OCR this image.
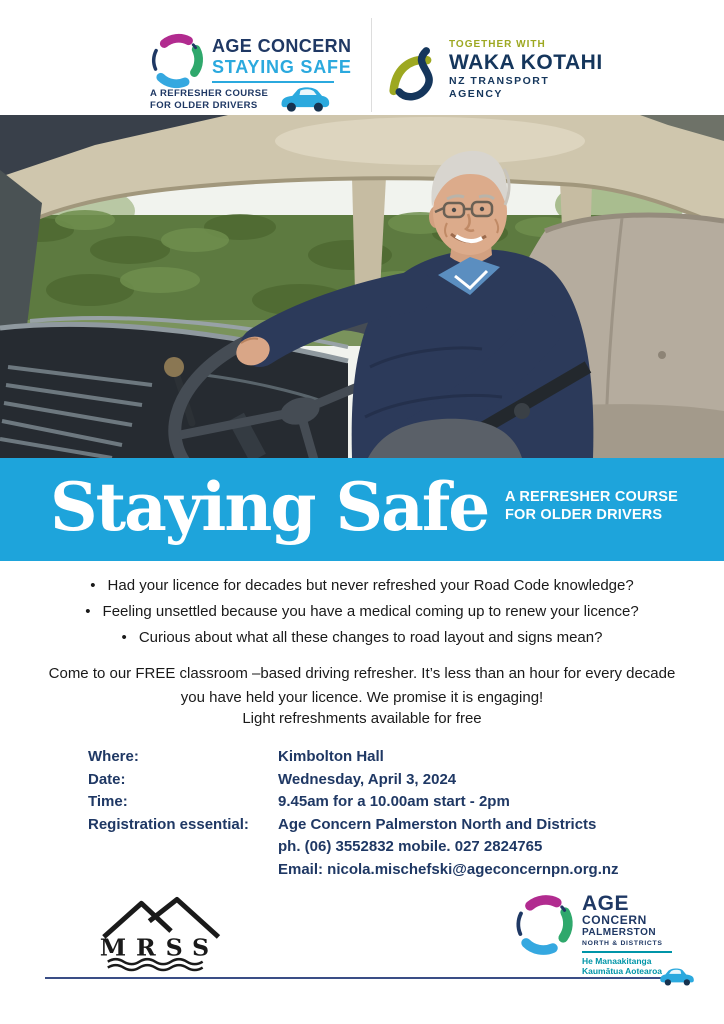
AGE CONCERN
STAYING SAFE
A REFRESHER COURSE
FOR OLDER DRIVERS
TOGETHER WITH
WAKA KOTAHI
NZ TRANSPORT
AGENCY
Staying Safe A REFRESHER COURSE
FOR OLDER DRIVERS
• Had your licence for decades but never refreshed your Road Code knowledge?
• Feeling unsettled because you have a medical coming up to renew your licence?
• Curious about what all these changes to road layout and signs mean?
Come to our FREE classroom –based driving refresher. It’s less than an hour for every decade
you have held your licence. We promise it is engaging!
Light refreshments available for free
Where:	Kimbolton Hall
Date:	Wednesday, April 3, 2024
Time:	9.45am for a 10.00am start - 2pm
Registration essential:	Age Concern Palmerston North and Districts
ph. (06) 3552832 mobile. 027 2824765
Email: nicola.mischefski@ageconcernpn.org.nz
MRSS
AGE
CONCERN
PALMERSTON
NORTH & DISTRICTS
He Manaakitanga
Kaumātua Aotearoa
